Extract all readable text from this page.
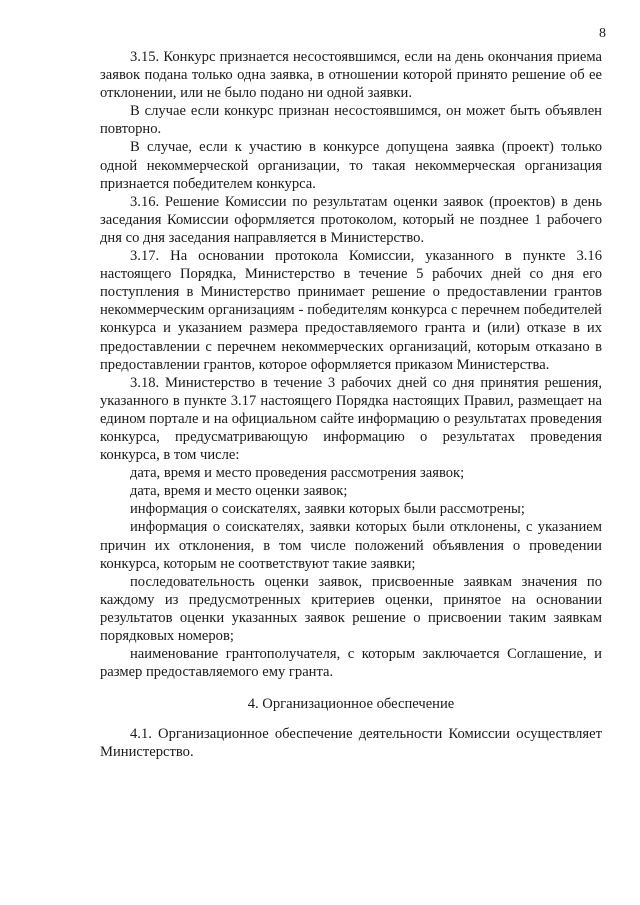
8

3.15. Конкурс признается несостоявшимся, если на день окончания приема заявок подана только одна заявка, в отношении которой принято решение об ее отклонении, или не было подано ни одной заявки.

В случае если конкурс признан несостоявшимся, он может быть объявлен повторно.

В случае, если к участию в конкурсе допущена заявка (проект) только одной некоммерческой организации, то такая некоммерческая организация признается победителем конкурса.

3.16. Решение Комиссии по результатам оценки заявок (проектов) в день заседания Комиссии оформляется протоколом, который не позднее 1 рабочего дня со дня заседания направляется в Министерство.

3.17. На основании протокола Комиссии, указанного в пункте 3.16 настоящего Порядка, Министерство в течение 5 рабочих дней со дня его поступления в Министерство принимает решение о предоставлении грантов некоммерческим организациям - победителям конкурса с перечнем победителей конкурса и указанием размера предоставляемого гранта и (или) отказе в их предоставлении с перечнем некоммерческих организаций, которым отказано в предоставлении грантов, которое оформляется приказом Министерства.

3.18. Министерство в течение 3 рабочих дней со дня принятия решения, указанного в пункте 3.17 настоящего Порядка настоящих Правил, размещает на едином портале и на официальном сайте информацию о результатах проведения конкурса, предусматривающую информацию о результатах проведения конкурса, в том числе:

дата, время и место проведения рассмотрения заявок;

дата, время и место оценки заявок;

информация о соискателях, заявки которых были рассмотрены;

информация о соискателях, заявки которых были отклонены, с указанием причин их отклонения, в том числе положений объявления о проведении конкурса, которым не соответствуют такие заявки;

последовательность оценки заявок, присвоенные заявкам значения по каждому из предусмотренных критериев оценки, принятое на основании результатов оценки указанных заявок решение о присвоении таким заявкам порядковых номеров;

наименование грантополучателя, с которым заключается Соглашение, и размер предоставляемого ему гранта.

4. Организационное обеспечение

4.1. Организационное обеспечение деятельности Комиссии осуществляет Министерство.
